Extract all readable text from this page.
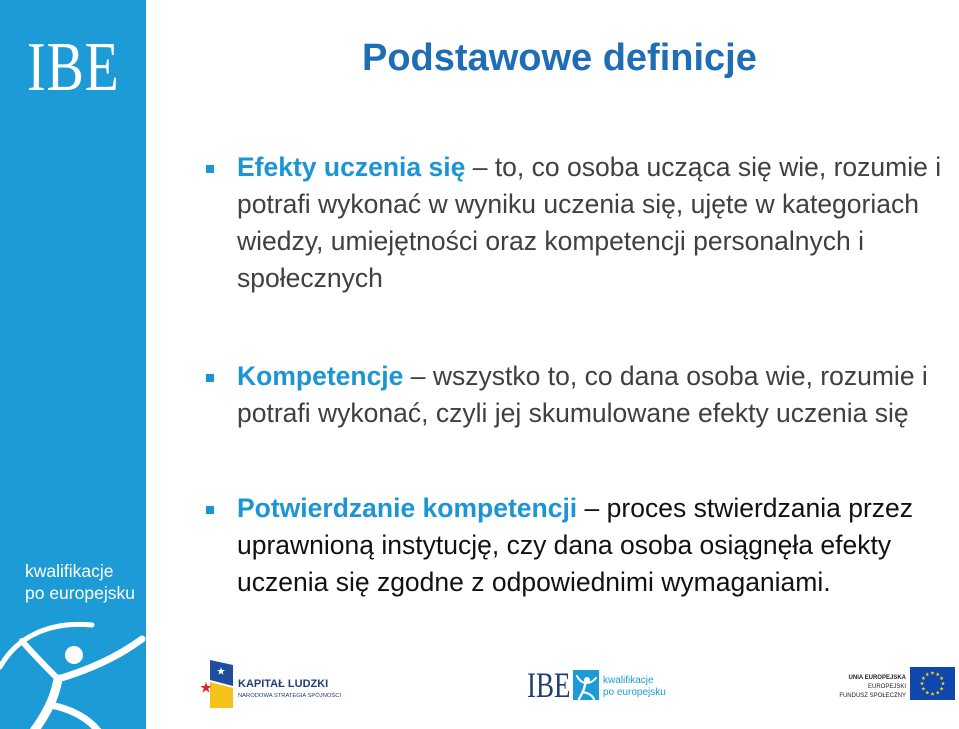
IBE
kwalifikacje
po europejsku
Podstawowe definicje
Efekty uczenia się – to, co osoba ucząca się wie, rozumie i
potrafi wykonać w wyniku uczenia się, ujęte w kategoriach
wiedzy, umiejętności oraz kompetencji personalnych i
społecznych
Kompetencje – wszystko to, co dana osoba wie, rozumie i
potrafi wykonać, czyli jej skumulowane efekty uczenia się
Potwierdzanie kompetencji – proces stwierdzania przez
uprawnioną instytucję, czy dana osoba osiągnęła efekty
uczenia się zgodne z odpowiednimi wymaganiami.
KAPITAŁ LUDZKI
NARODOWA STRATEGIA SPÓJNOŚCI	IBE	kwalifikacje
po europejsku
UNIA EUROPEJSKA
EUROPEJSKI
FUNDUSZ SPOŁECZNY
